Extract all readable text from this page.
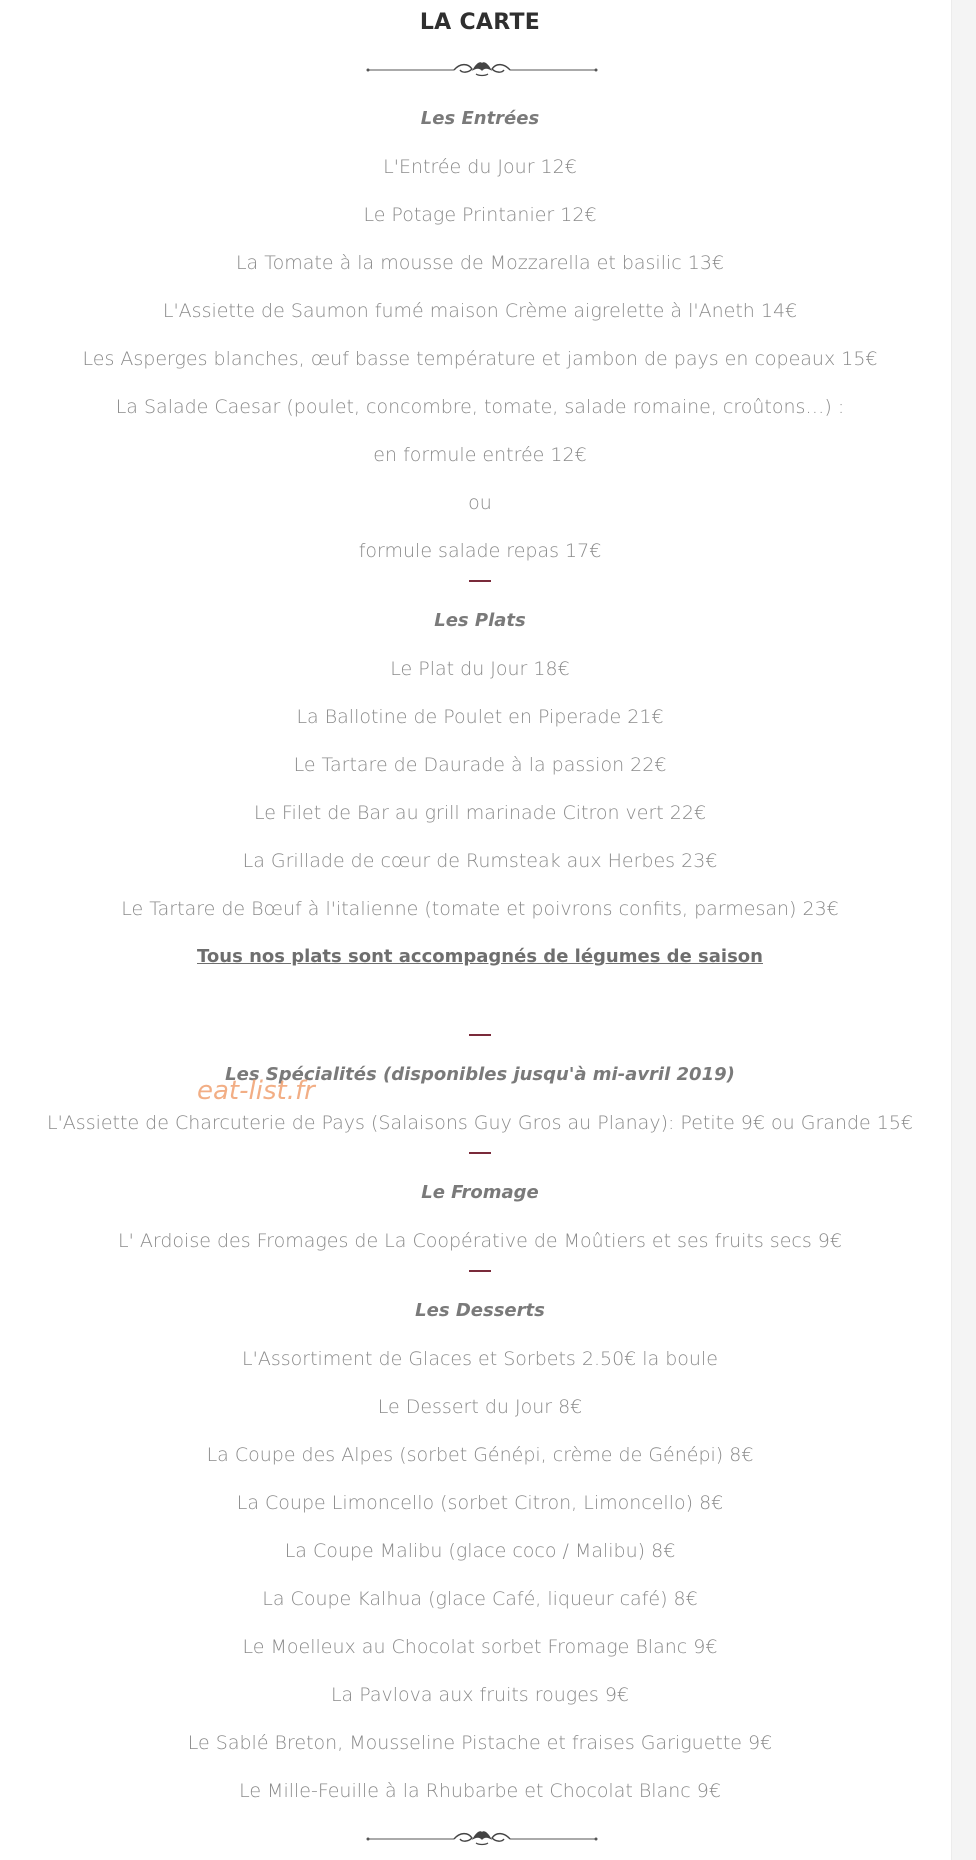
LA CARTE
Les Entrées
L'Entrée du Jour 12€
Le Potage Printanier 12€
La Tomate à la mousse de Mozzarella et basilic 13€
L'Assiette de Saumon fumé maison Crème aigrelette à l'Aneth 14€
Les Asperges blanches, œuf basse température et jambon de pays en copeaux 15€
La Salade Caesar (poulet, concombre, tomate, salade romaine, croûtons…) :
en formule entrée 12€
ou
formule salade repas 17€
Les Plats
Le Plat du Jour 18€
La Ballotine de Poulet en Piperade 21€
Le Tartare de Daurade à la passion 22€
Le Filet de Bar au grill marinade Citron vert 22€
La Grillade de cœur de Rumsteak aux Herbes 23€
Le Tartare de Bœuf à l'italienne (tomate et poivrons confits, parmesan) 23€
Tous nos plats sont accompagnés de légumes de saison
Les Spécialités (disponibles jusqu'à mi-avril 2019)
L'Assiette de Charcuterie de Pays (Salaisons Guy Gros au Planay): Petite 9€ ou Grande 15€
Le Fromage
L' Ardoise des Fromages de La Coopérative de Moûtiers et ses fruits secs 9€
Les Desserts
L'Assortiment de Glaces et Sorbets 2.50€ la boule
Le Dessert du Jour 8€
La Coupe des Alpes (sorbet Génépi, crème de Génépi) 8€
La Coupe Limoncello (sorbet Citron, Limoncello) 8€
La Coupe Malibu (glace coco / Malibu) 8€
La Coupe Kalhua (glace Café, liqueur café) 8€
Le Moelleux au Chocolat sorbet Fromage Blanc 9€
La Pavlova aux fruits rouges 9€
Le Sablé Breton, Mousseline Pistache et fraises Gariguette 9€
Le Mille-Feuille à la Rhubarbe et Chocolat Blanc 9€
eat-list.fr
